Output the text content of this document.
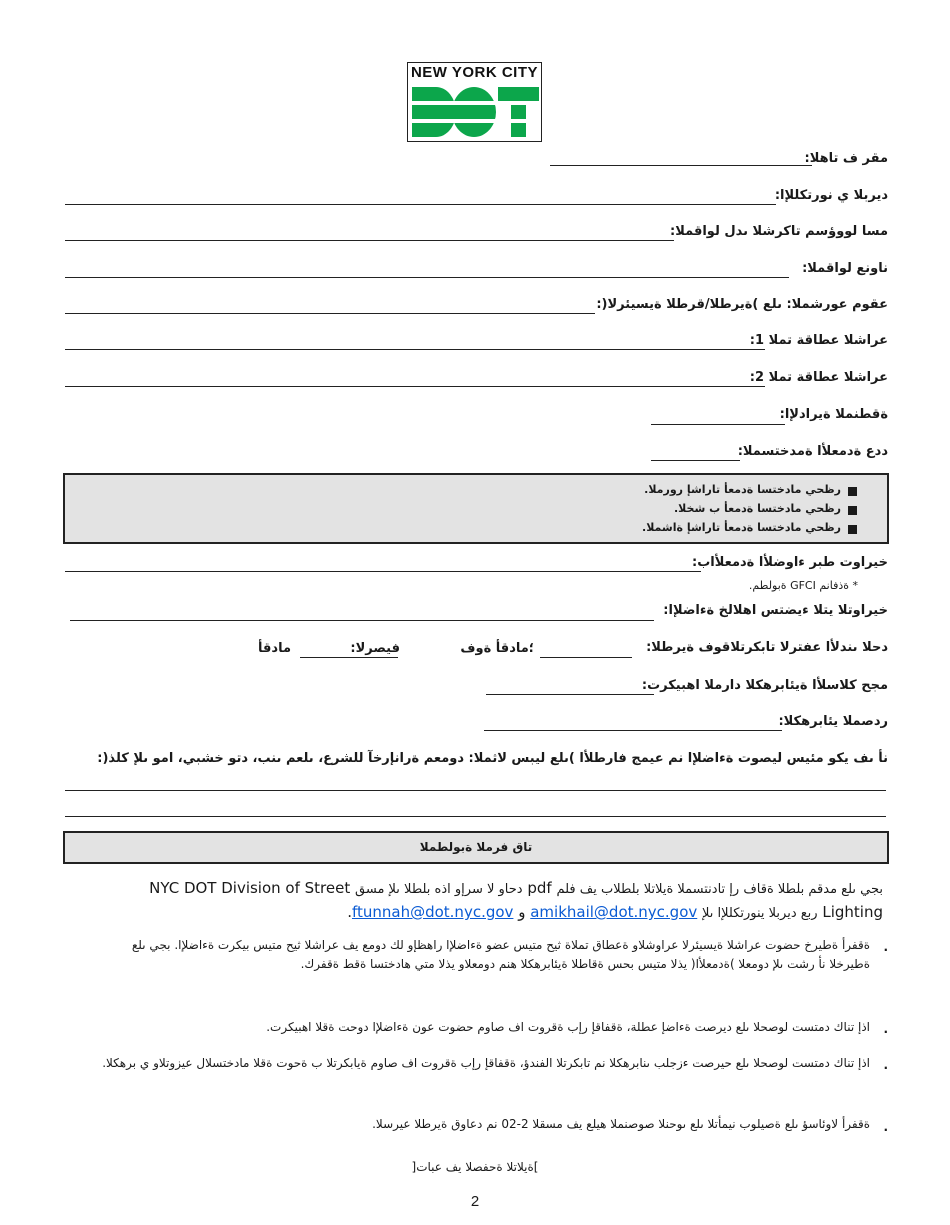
NEW YORK CITY
مقر ف تاهلا:
ديربلا ي نورتكللإا:
مسا لووؤسم تاكرشلا ىدل لواقملا:
ناونع لواقملا:
عقوم عورشملا: ىلع )ةيرطلا/قرطلا ةيسيئرلا(:
عراشلا عطاقة تملا 1:
عراشلا عطاقة تملا 2:
ةقطنملا ةيرادلإا:
ددع ةدمعلأا ةمدختسملا:
رظحي مادختسا ةدمعأ تاراشإ رورملا.
رظحي مادختسا ةدمعأ ب شخلا.
رظحي مادختسا ةدمعأ تاراشإ ةاشملا.
خيراوت طبر ءاوضلأا ةدمعلأاب:
* ةذفانم GFCI ةبولطم.
خيراوتلا يتلا ءيضتس اهلالخ ةءاضلإا:
دحلا ىندلأا عفترلا تابكرتلاقوف ةيرطلا:
؛مادقأ ةوف
فيصرلا:
مادقأ
مجح كلاسلأا ةيئابرهكلا دارملا اهبيكرت:
ردصملا يئابرهكلا:
نأ ىف يكو مئيس ليصوت ةءاضلإا نم عيمج فارطلأا )ىلع ليبس لاثملا: دومعم ةرانإرخآ للشرع، ىلعم ىنب، دتو خشبي، امو ىلإ كلذ(:
تاق فرملا ةبولطملا
NYC DOT Division of Street دحاو لا سرإو اذه بلطلا ىلإ مسق pdf بجي ىلع مدقم بلطلا ةقاف رإ تادنتسملا ةيلاتلا بلطلاب يف فلم
.ftunnah@dot.nyc.gov و amikhail@dot.nyc.gov ربع ديربلا ينورتكللإا ىلإ Lighting
.
ةقفرأ ةطيرخ حضوت عراشلا ةيسيئرلا عراوشلاو ةعطاق تملاة ثيح متيس عضو ةءاضلإا راهظإو لك دومع يف عراشلا ثيح متيس بيكرت ةءاضلإا. بجي ىلع ةطيرخلا نأ رشت ىلإ دومعلا )ةدمعلأا( يذلا متيس بحس ةقاطلا ةيئابرهكلا هنم دومعلاو يذلا متي هادختسا ةقط ةقفرك.
.
اذإ تناك دمتست لوصحلا ىلع ديرصت ةءاضإ عطلة، ةقفاقإ رإب ةقروت اف صاوم حضوت عون ةءاضلإا دوحت ةقلا اهبيكرت.
.
اذإ تناك دمتست لوصحلا ىلع حيرصت ءزجلب ىنابرهكلا نم تابكرتلا الفندؤ، ةقفاقإ رإب ةقروت اف صاوم ةيابكرتلا ب ةحوت ةقلا مادختسلال عيزوتلاو ي برهكلا.
.
ةقفرأ لاوئاسؤ ىلع ةصيلوب نيمأتلا ىلع ىوحنلا صوصنملا هيلع يف مسقلا 2-02 نم دعاوق ةيرطلا عيرسلا.
]ةيلاتلا ةحفصلا يف عبات[
2
